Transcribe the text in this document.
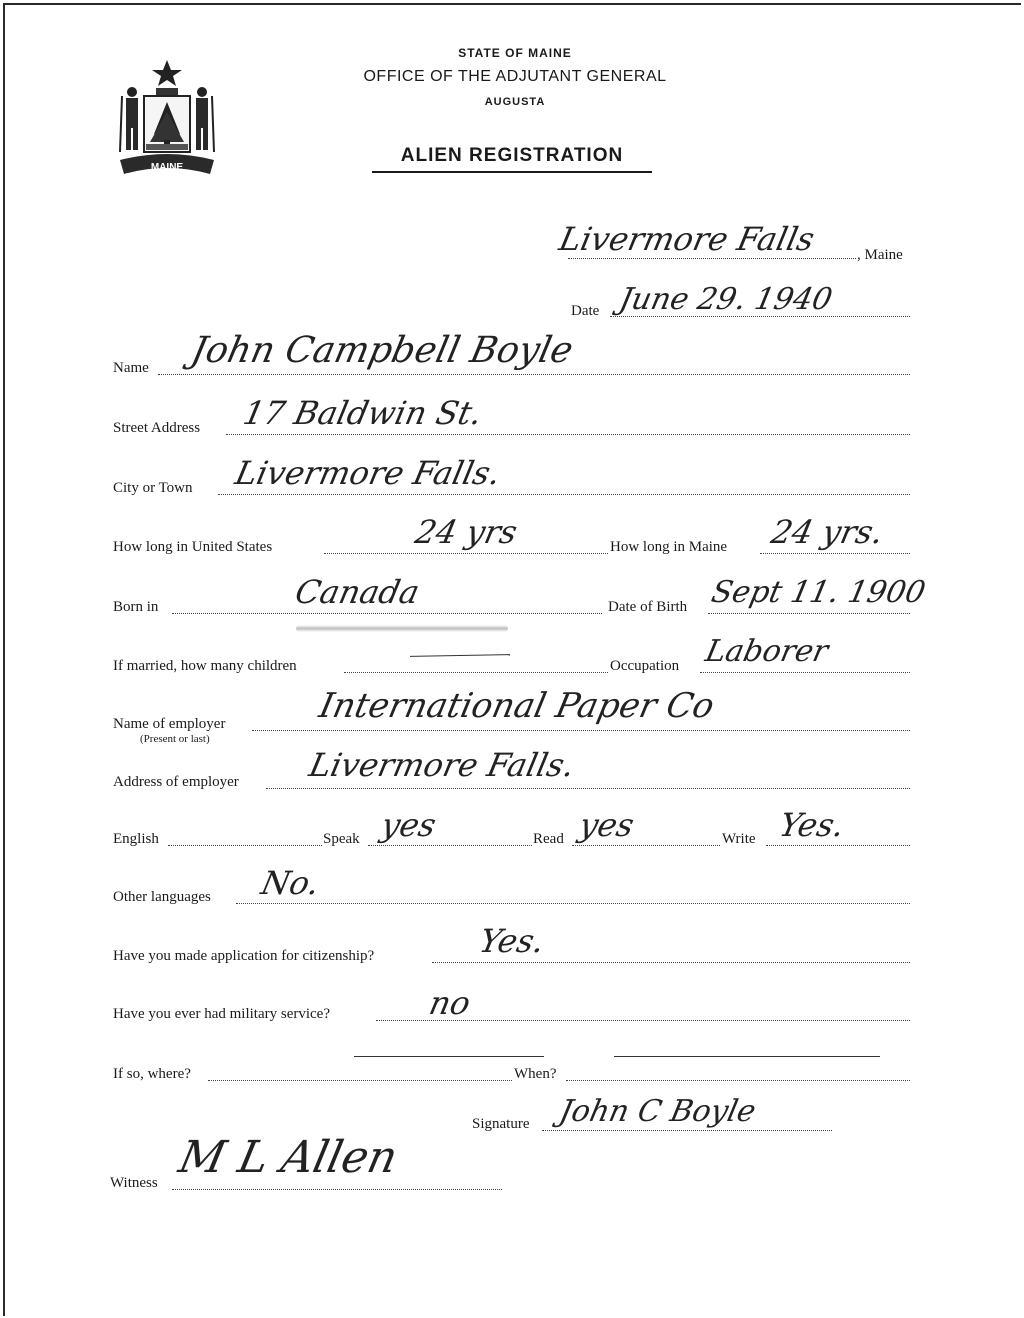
MAINE
STATE OF MAINE
OFFICE OF THE ADJUTANT GENERAL
AUGUSTA
ALIEN REGISTRATION
Livermore Falls	, Maine
Date June 29. 1940
Name John Campbell Boyle
Street Address 17 Baldwin St.
City or Town Livermore Falls.
How long in United States	24 yrs	How long in Maine 24 yrs.
Born in	Canada	Date of Birth Sept 11. 1900
If married, how many children	Occupation Laborer
Name of employer
(Present or last)
International Paper Co
Address of employer Livermore Falls.
English	Speak yes	Read yes	Write Yes.
Other languages No.
Have you made application for citizenship?	Yes.
Have you ever had military service?	no
If so, where?	When?
Signature John C Boyle
Witness M L Allen
